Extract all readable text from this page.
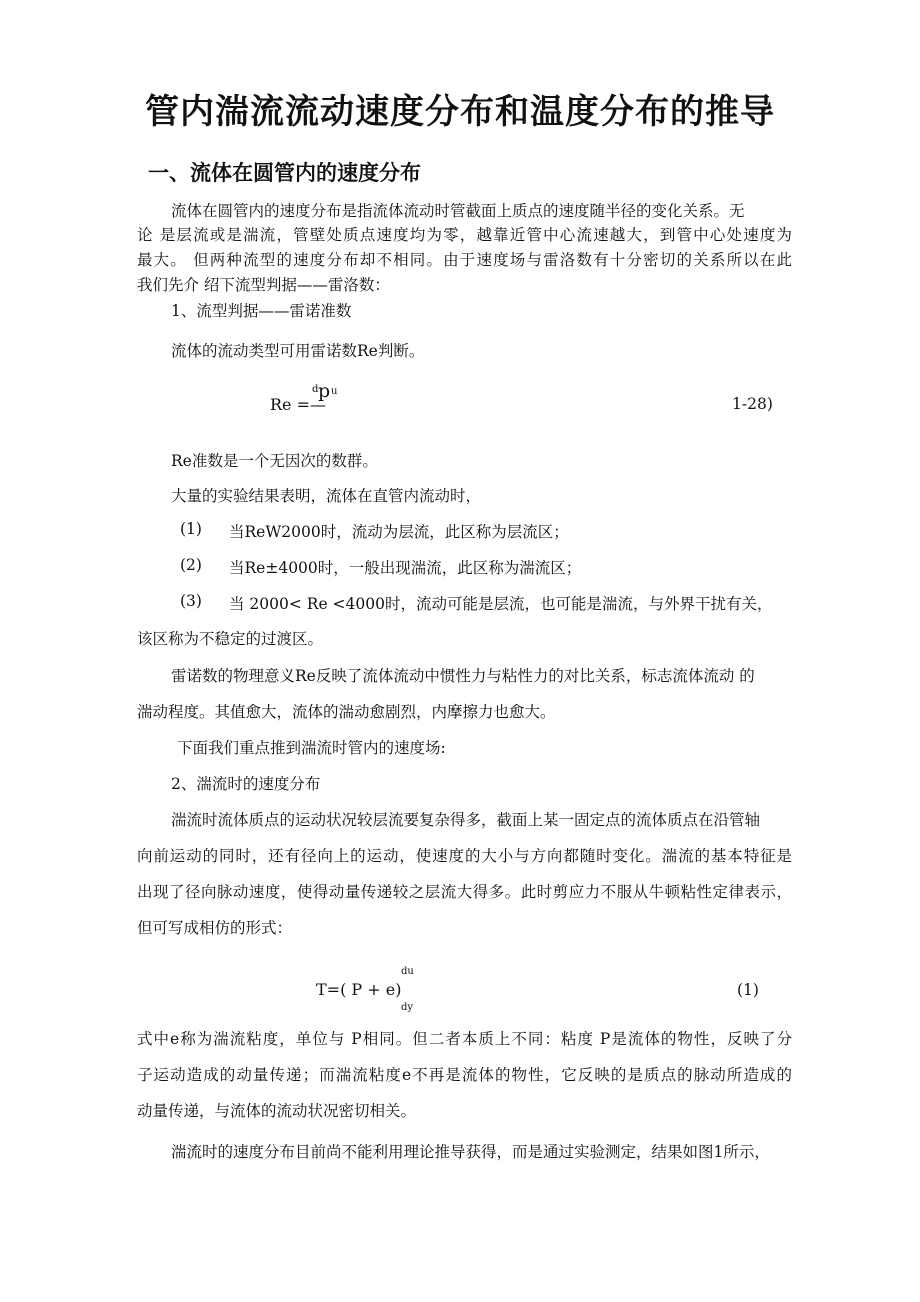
管内湍流流动速度分布和温度分布的推导
一、流体在圆管内的速度分布
流体在圆管内的速度分布是指流体流动时管截面上质点的速度随半径的变化关系。无
论 是层流或是湍流，管壁处质点速度均为零，越靠近管中心流速越大，到管中心处速度为
最大。 但两种流型的速度分布却不相同。由于速度场与雷洛数有十分密切的关系所以在此
我们先介 绍下流型判据——雷洛数：
1、流型判据——雷诺准数
流体的流动类型可用雷诺数Re判断。
Re =—
d p u
1-28)
Re准数是一个无因次的数群。
大量的实验结果表明，流体在直管内流动时，
(1) 当ReW2000时，流动为层流，此区称为层流区；
(2) 当Re±4000时，一般出现湍流，此区称为湍流区；
(3) 当 2000< Re <4000时，流动可能是层流，也可能是湍流，与外界干扰有关，
该区称为不稳定的过渡区。
雷诺数的物理意义Re反映了流体流动中惯性力与粘性力的对比关系，标志流体流动 的
湍动程度。其值愈大，流体的湍动愈剧烈，内摩擦力也愈大。
下面我们重点推到湍流时管内的速度场:
2、湍流时的速度分布
湍流时流体质点的运动状况较层流要复杂得多，截面上某一固定点的流体质点在沿管轴
向前运动的同时，还有径向上的运动，使速度的大小与方向都随时变化。湍流的基本特征是
出现了径向脉动速度，使得动量传递较之层流大得多。此时剪应力不服从牛顿粘性定律表示，
但可写成相仿的形式：
T=( P + e)
du
dy
(1)
式中e称为湍流粘度，单位与 P相同。但二者本质上不同：粘度 P是流体的物性，反映了分
子运动造成的动量传递；而湍流粘度e不再是流体的物性，它反映的是质点的脉动所造成的
动量传递，与流体的流动状况密切相关。
湍流时的速度分布目前尚不能利用理论推导获得，而是通过实验测定，结果如图1所示，
